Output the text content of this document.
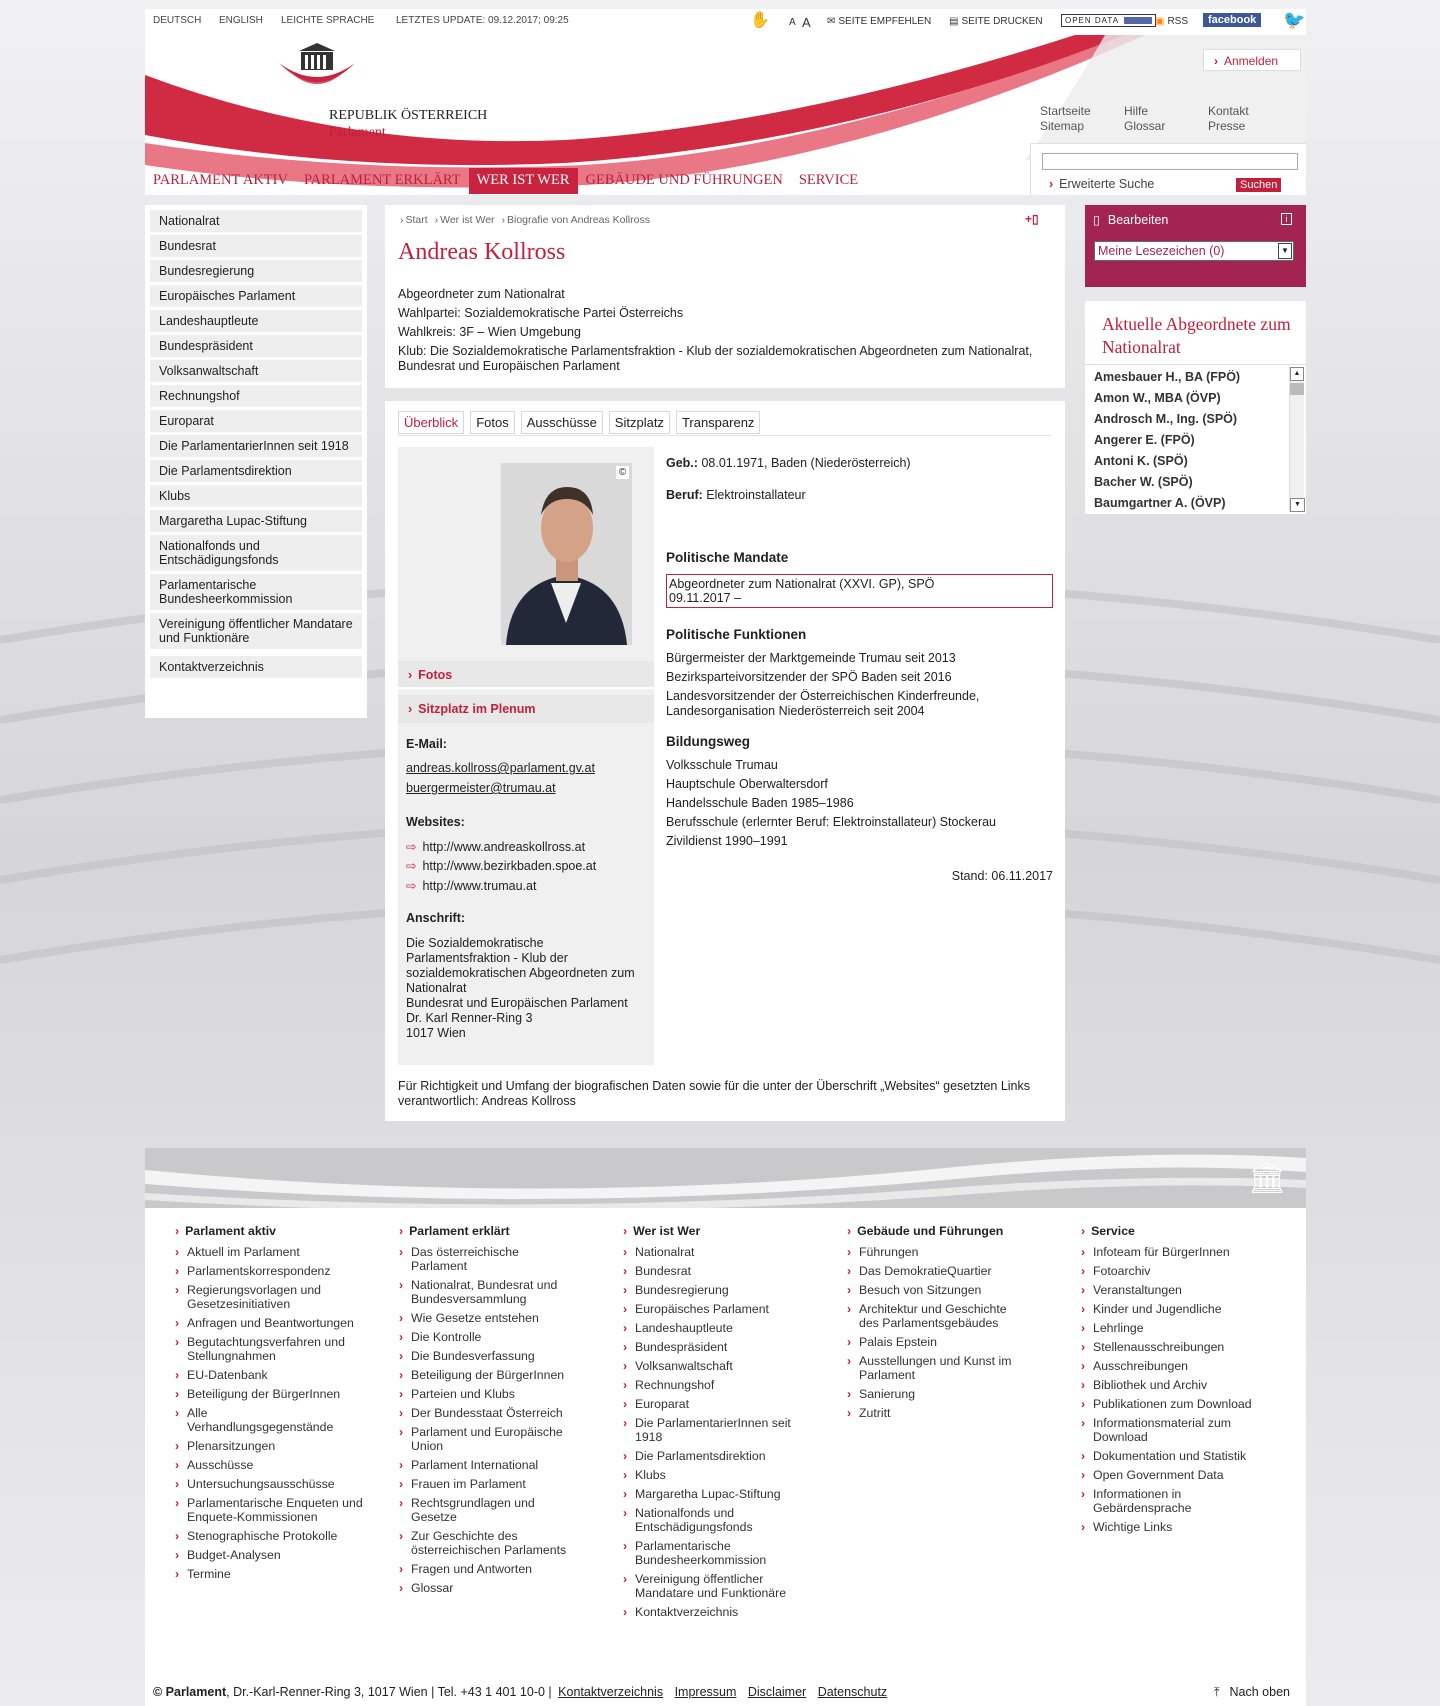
DEUTSCH ENGLISH LEICHTE SPRACHE LETZTES UPDATE: 09.12.2017; 09:25	✋ A A ✉ SEITE EMPFEHLEN ▤ SEITE DRUCKEN	OPEN DATA	▣ RSS	facebook 🐦
REPUBLIK ÖSTERREICH
Parlament
› Anmelden
Startseite
Sitemap
Hilfe
Glossar
Kontakt
Presse
› Erweiterte Suche	Suchen
PARLAMENT AKTIV	PARLAMENT ERKLÄRT	WER IST WER	GEBÄUDE UND FÜHRUNGEN	SERVICE
Nationalrat
Bundesrat
Bundesregierung
Europäisches Parlament
Landeshauptleute
Bundespräsident
Volksanwaltschaft
Rechnungshof
Europarat
Die ParlamentarierInnen seit 1918
Die Parlamentsdirektion
Klubs
Margaretha Lupac-Stiftung
Nationalfonds und Entschädigungsfonds
Parlamentarische Bundesheerkommission
Vereinigung öffentlicher Mandatare und Funktionäre
Kontaktverzeichnis
› Start › Wer ist Wer › Biografie von Andreas Kollross	+▯
Andreas Kollross
Abgeordneter zum Nationalrat
Wahlpartei: Sozialdemokratische Partei Österreichs
Wahlkreis: 3F – Wien Umgebung
Klub: Die Sozialdemokratische Parlamentsfraktion - Klub der sozialdemokratischen Abgeordneten zum Nationalrat, Bundesrat und Europäischen Parlament
Überblick	Fotos	Ausschüsse	Sitzplatz	Transparenz
©
› Fotos
› Sitzplatz im Plenum
E-Mail:
andreas.kollross@parlament.gv.at
buergermeister@trumau.at
Websites:
⇨ http://www.andreaskollross.at
⇨ http://www.bezirkbaden.spoe.at
⇨ http://www.trumau.at
Anschrift:
Die Sozialdemokratische Parlamentsfraktion - Klub der sozialdemokratischen Abgeordneten zum Nationalrat
Bundesrat und Europäischen Parlament
Dr. Karl Renner-Ring 3
1017 Wien
Geb.: 08.01.1971, Baden (Niederösterreich)
Beruf: Elektroinstallateur
Politische Mandate
Abgeordneter zum Nationalrat (XXVI. GP), SPÖ
09.11.2017 –
Politische Funktionen
Bürgermeister der Marktgemeinde Trumau seit 2013
Bezirksparteivorsitzender der SPÖ Baden seit 2016
Landesvorsitzender der Österreichischen Kinderfreunde, Landesorganisation Niederösterreich seit 2004
Bildungsweg
Volksschule Trumau
Hauptschule Oberwaltersdorf
Handelsschule Baden 1985–1986
Berufsschule (erlernter Beruf: Elektroinstallateur) Stockerau
Zivildienst 1990–1991
Stand: 06.11.2017
Für Richtigkeit und Umfang der biografischen Daten sowie für die unter der Überschrift „Websites“ gesetzten Links verantwortlich: Andreas Kollross
▯ Bearbeiten	i
Meine Lesezeichen (0)	▼
Aktuelle Abgeordnete zum Nationalrat
Amesbauer H., BA (FPÖ)
Amon W., MBA (ÖVP)
Androsch M., Ing. (SPÖ)
Angerer E. (FPÖ)
Antoni K. (SPÖ)
Bacher W. (SPÖ)
Baumgartner A. (ÖVP)
▲
▼
🏛
› Parlament aktiv
› Aktuell im Parlament
› Parlamentskorrespondenz
› Regierungsvorlagen und Gesetzesinitiativen
› Anfragen und Beantwortungen
› Begutachtungsverfahren und Stellungnahmen
› EU-Datenbank
› Beteiligung der BürgerInnen
› Alle Verhandlungsgegenstände
› Plenarsitzungen
› Ausschüsse
› Untersuchungsausschüsse
› Parlamentarische Enqueten und Enquete-Kommissionen
› Stenographische Protokolle
› Budget-Analysen
› Termine
› Parlament erklärt
› Das österreichische Parlament
› Nationalrat, Bundesrat und Bundesversammlung
› Wie Gesetze entstehen
› Die Kontrolle
› Die Bundesverfassung
› Beteiligung der BürgerInnen
› Parteien und Klubs
› Der Bundesstaat Österreich
› Parlament und Europäische Union
› Parlament International
› Frauen im Parlament
› Rechtsgrundlagen und Gesetze
› Zur Geschichte des österreichischen Parlaments
› Fragen und Antworten
› Glossar
› Wer ist Wer
› Nationalrat
› Bundesrat
› Bundesregierung
› Europäisches Parlament
› Landeshauptleute
› Bundespräsident
› Volksanwaltschaft
› Rechnungshof
› Europarat
› Die ParlamentarierInnen seit 1918
› Die Parlamentsdirektion
› Klubs
› Margaretha Lupac-Stiftung
› Nationalfonds und Entschädigungsfonds
› Parlamentarische Bundesheerkommission
› Vereinigung öffentlicher Mandatare und Funktionäre
› Kontaktverzeichnis
› Gebäude und Führungen
› Führungen
› Das DemokratieQuartier
› Besuch von Sitzungen
› Architektur und Geschichte des Parlamentsgebäudes
› Palais Epstein
› Ausstellungen und Kunst im Parlament
› Sanierung
› Zutritt
› Service
› Infoteam für BürgerInnen
› Fotoarchiv
› Veranstaltungen
› Kinder und Jugendliche
› Lehrlinge
› Stellenausschreibungen
› Ausschreibungen
› Bibliothek und Archiv
› Publikationen zum Download
› Informationsmaterial zum Download
› Dokumentation und Statistik
› Open Government Data
› Informationen in Gebärdensprache
› Wichtige Links
© Parlament, Dr.-Karl-Renner-Ring 3, 1017 Wien | Tel. +43 1 401 10-0 | Kontaktverzeichnis Impressum Disclaimer Datenschutz	⤒ Nach oben
